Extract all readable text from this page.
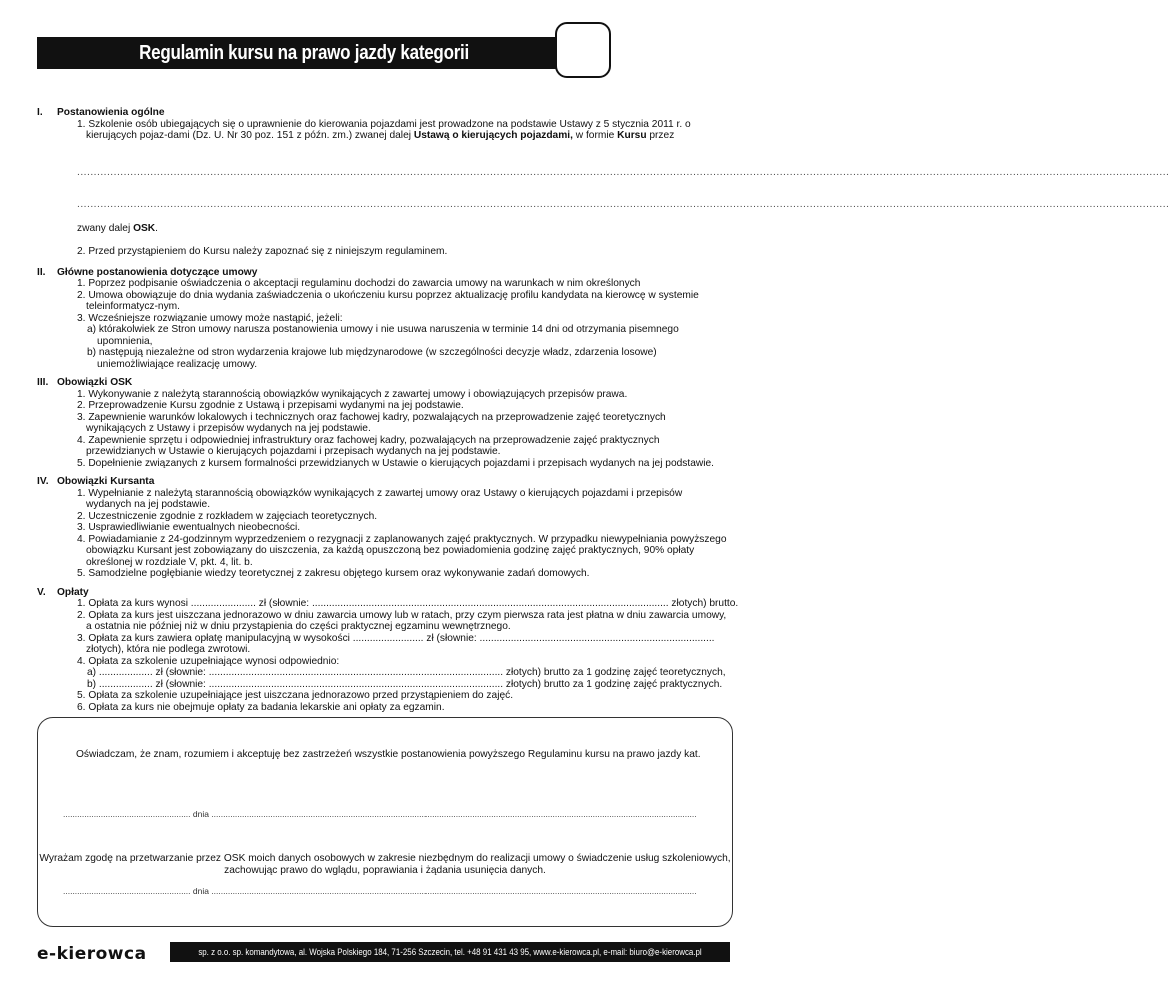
Regulamin kursu na prawo jazdy kategorii
I. Postanowienia ogólne
1. Szkolenie osób ubiegających się o uprawnienie do kierowania pojazdami jest prowadzone na podstawie Ustawy z 5 stycznia 2011 r. o kierujących pojaz-dami (Dz. U. Nr 30 poz. 151 z późn. zm.) zwanej dalej Ustawą o kierujących pojazdami, w formie Kursu przez
........................................................................................................................................................................................................................................................................................................................................
........................................................................................................................................................................................................................................................................................................................................
zwany dalej OSK.
2. Przed przystąpieniem do Kursu należy zapoznać się z niniejszym regulaminem.
II. Główne postanowienia dotyczące umowy
1. Poprzez podpisanie oświadczenia o akceptacji regulaminu dochodzi do zawarcia umowy na warunkach w nim określonych
2. Umowa obowiązuje do dnia wydania zaświadczenia o ukończeniu kursu poprzez aktualizację profilu kandydata na kierowcę w systemie teleinformatycz-nym.
3. Wcześniejsze rozwiązanie umowy może nastąpić, jeżeli:
a) którakolwiek ze Stron umowy narusza postanowienia umowy i nie usuwa naruszenia w terminie 14 dni od otrzymania pisemnego upomnienia,
b) następują niezależne od stron wydarzenia krajowe lub międzynarodowe (w szczególności decyzje władz, zdarzenia losowe) uniemożliwiające realizację umowy.
III. Obowiązki OSK
1. Wykonywanie z należytą starannością obowiązków wynikających z zawartej umowy i obowiązujących przepisów prawa.
2. Przeprowadzenie Kursu zgodnie z Ustawą i przepisami wydanymi na jej podstawie.
3. Zapewnienie warunków lokalowych i technicznych oraz fachowej kadry, pozwalających na przeprowadzenie zajęć teoretycznych wynikających z Ustawy i przepisów wydanych na jej podstawie.
4. Zapewnienie sprzętu i odpowiedniej infrastruktury oraz fachowej kadry, pozwalających na przeprowadzenie zajęć praktycznych przewidzianych w Ustawie o kierujących pojazdami i przepisach wydanych na jej podstawie.
5. Dopełnienie związanych z kursem formalności przewidzianych w Ustawie o kierujących pojazdami i przepisach wydanych na jej podstawie.
IV. Obowiązki Kursanta
1. Wypełnianie z należytą starannością obowiązków wynikających z zawartej umowy oraz Ustawy o kierujących pojazdami i przepisów wydanych na jej podstawie.
2. Uczestniczenie zgodnie z rozkładem w zajęciach teoretycznych.
3. Usprawiedliwianie ewentualnych nieobecności.
4. Powiadamianie z 24-godzinnym wyprzedzeniem o rezygnacji z zaplanowanych zajęć praktycznych. W przypadku niewypełniania powyższego obowiązku Kursant jest zobowiązany do uiszczenia, za każdą opuszczoną bez powiadomienia godzinę zajęć praktycznych, 90% opłaty określonej w rozdziale V, pkt. 4, lit. b.
5. Samodzielne pogłębianie wiedzy teoretycznej z zakresu objętego kursem oraz wykonywanie zadań domowych.
V. Opłaty
1. Opłata za kurs wynosi ....................... zł (słownie: .............................................................................................................................. złotych) brutto.
2. Opłata za kurs jest uiszczana jednorazowo w dniu zawarcia umowy lub w ratach, przy czym pierwsza rata jest płatna w dniu zawarcia umowy, a ostatnia nie później niż w dniu przystąpienia do części praktycznej egzaminu wewnętrznego.
3. Opłata za kurs zawiera opłatę manipulacyjną w wysokości ......................... zł (słownie: ................................................................................... złotych), która nie podlega zwrotowi.
4. Opłata za szkolenie uzupełniające wynosi odpowiednio:
a) ................... zł (słownie: ........................................................................................................ złotych) brutto za 1 godzinę zajęć teoretycznych,
b) ................... zł (słownie: ........................................................................................................ złotych) brutto za 1 godzinę zajęć praktycznych.
5. Opłata za szkolenie uzupełniające jest uiszczana jednorazowo przed przystąpieniem do zajęć.
6. Opłata za kurs nie obejmuje opłaty za badania lekarskie ani opłaty za egzamin.
Oświadczam, że znam, rozumiem i akceptuję bez zastrzeżeń wszystkie postanowienia powyższego Regulaminu kursu na prawo jazdy kat.
...................................................... dnia ...........................................................................................
...................................................................................................................
Wyrażam zgodę na przetwarzanie przez OSK moich danych osobowych w zakresie niezbędnym do realizacji umowy o świadczenie usług szkoleniowych,
zachowując prawo do wglądu, poprawiania i żądania usunięcia danych.
...................................................... dnia ...........................................................................................
...................................................................................................................
e-kierowca	sp. z o.o. sp. komandytowa, al. Wojska Polskiego 184, 71-256 Szczecin, tel. +48 91 431 43 95, www.e-kierowca.pl, e-mail: biuro@e-kierowca.pl
